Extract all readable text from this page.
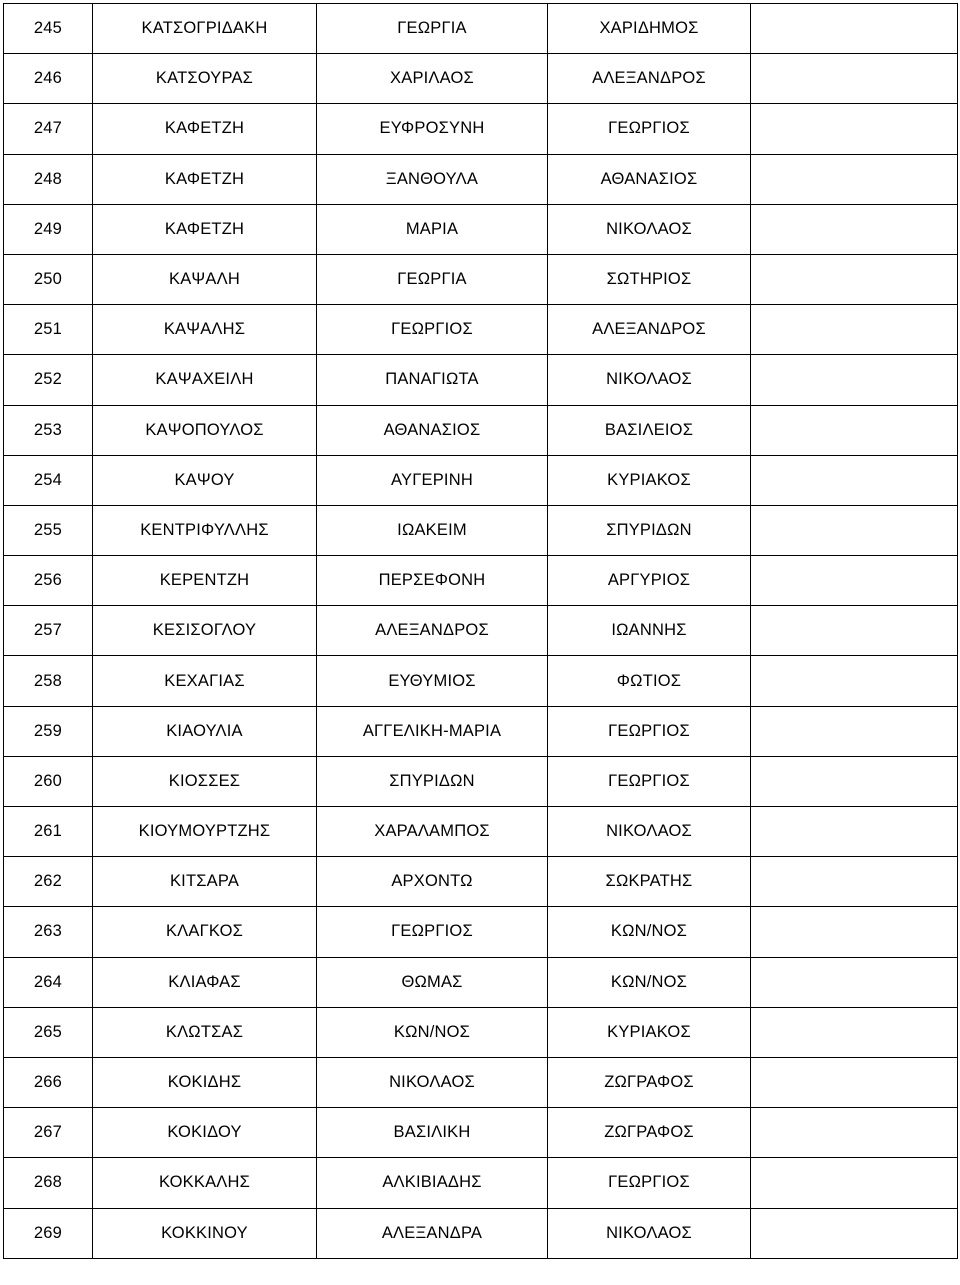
245	ΚΑΤΣΟΓΡΙΔΑΚΗ	ΓΕΩΡΓΙΑ	ΧΑΡΙΔΗΜΟΣ	
246	ΚΑΤΣΟΥΡΑΣ	ΧΑΡΙΛΑΟΣ	ΑΛΕΞΑΝΔΡΟΣ	
247	ΚΑΦΕΤΖΗ	ΕΥΦΡΟΣΥΝΗ	ΓΕΩΡΓΙΟΣ	
248	ΚΑΦΕΤΖΗ	ΞΑΝΘΟΥΛΑ	ΑΘΑΝΑΣΙΟΣ	
249	ΚΑΦΕΤΖΗ	ΜΑΡΙΑ	ΝΙΚΟΛΑΟΣ	
250	ΚΑΨΑΛΗ	ΓΕΩΡΓΙΑ	ΣΩΤΗΡΙΟΣ	
251	ΚΑΨΑΛΗΣ	ΓΕΩΡΓΙΟΣ	ΑΛΕΞΑΝΔΡΟΣ	
252	ΚΑΨΑΧΕΙΛΗ	ΠΑΝΑΓΙΩΤΑ	ΝΙΚΟΛΑΟΣ	
253	ΚΑΨΟΠΟΥΛΟΣ	ΑΘΑΝΑΣΙΟΣ	ΒΑΣΙΛΕΙΟΣ	
254	ΚΑΨΟΥ	ΑΥΓΕΡΙΝΗ	ΚΥΡΙΑΚΟΣ	
255	ΚΕΝΤΡΙΦΥΛΛΗΣ	ΙΩΑΚΕΙΜ	ΣΠΥΡΙΔΩΝ	
256	ΚΕΡΕΝΤΖΗ	ΠΕΡΣΕΦΟΝΗ	ΑΡΓΥΡΙΟΣ	
257	ΚΕΣΙΣΟΓΛΟΥ	ΑΛΕΞΑΝΔΡΟΣ	ΙΩΑΝΝΗΣ	
258	ΚΕΧΑΓΙΑΣ	ΕΥΘΥΜΙΟΣ	ΦΩΤΙΟΣ	
259	ΚΙΑΟΥΛΙΑ	ΑΓΓΕΛΙΚΗ-ΜΑΡΙΑ	ΓΕΩΡΓΙΟΣ	
260	ΚΙΟΣΣΕΣ	ΣΠΥΡΙΔΩΝ	ΓΕΩΡΓΙΟΣ	
261	ΚΙΟΥΜΟΥΡΤΖΗΣ	ΧΑΡΑΛΑΜΠΟΣ	ΝΙΚΟΛΑΟΣ	
262	ΚΙΤΣΑΡΑ	ΑΡΧΟΝΤΩ	ΣΩΚΡΑΤΗΣ	
263	ΚΛΑΓΚΟΣ	ΓΕΩΡΓΙΟΣ	ΚΩΝ/ΝΟΣ	
264	ΚΛΙΑΦΑΣ	ΘΩΜΑΣ	ΚΩΝ/ΝΟΣ	
265	ΚΛΩΤΣΑΣ	ΚΩΝ/ΝΟΣ	ΚΥΡΙΑΚΟΣ	
266	ΚΟΚΙΔΗΣ	ΝΙΚΟΛΑΟΣ	ΖΩΓΡΑΦΟΣ	
267	ΚΟΚΙΔΟΥ	ΒΑΣΙΛΙΚΗ	ΖΩΓΡΑΦΟΣ	
268	ΚΟΚΚΑΛΗΣ	ΑΛΚΙΒΙΑΔΗΣ	ΓΕΩΡΓΙΟΣ	
269	ΚΟΚΚΙΝΟΥ	ΑΛΕΞΑΝΔΡΑ	ΝΙΚΟΛΑΟΣ	
